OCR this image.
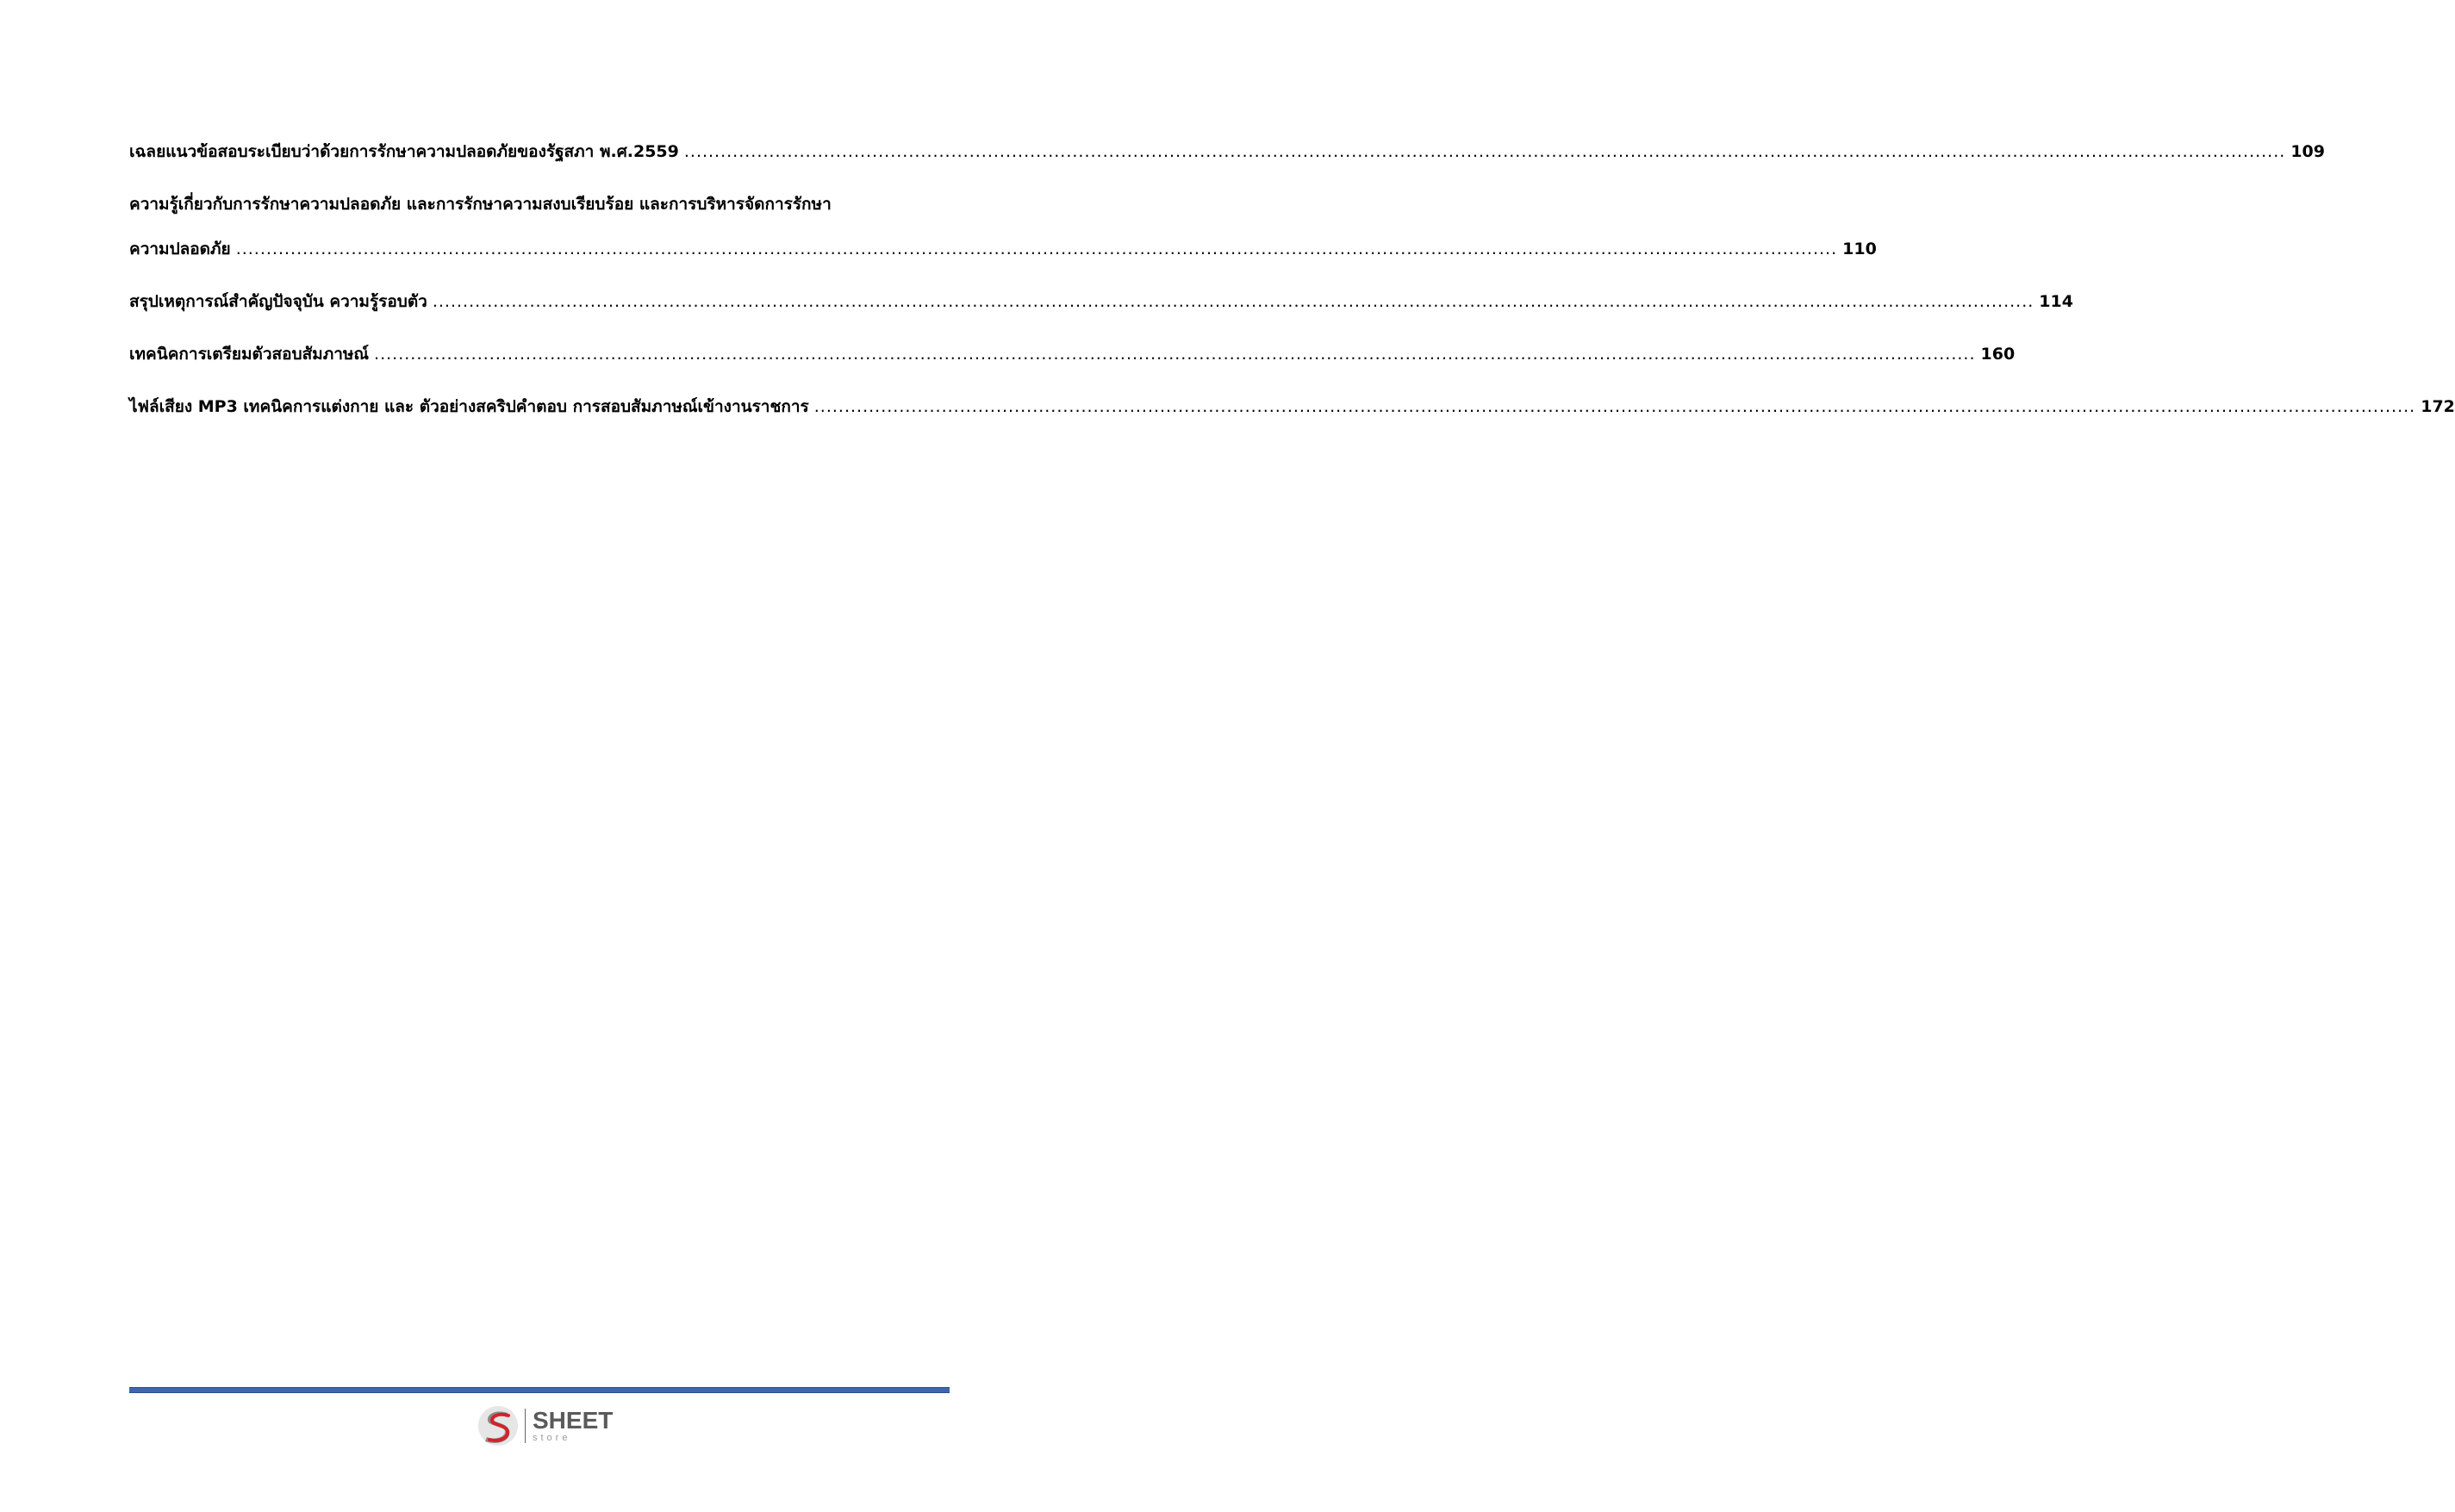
เฉลยแนวข้อสอบระเบียบว่าด้วยการรักษาความปลอดภัยของรัฐสภา พ.ศ.2559 .....	109
ความรู้เกี่ยวกับการรักษาความปลอดภัย และการรักษาความสงบเรียบร้อย และการบริหารจัดการรักษา
ความปลอดภัย .....	110
สรุปเหตุการณ์สำคัญปัจจุบัน ความรู้รอบตัว .....	114
เทคนิคการเตรียมตัวสอบสัมภาษณ์ .....	160
ไฟล์เสียง MP3 เทคนิคการแต่งกาย และ ตัวอย่างสคริปคำตอบ การสอบสัมภาษณ์เข้างานราชการ .....	172
SHEET
store
